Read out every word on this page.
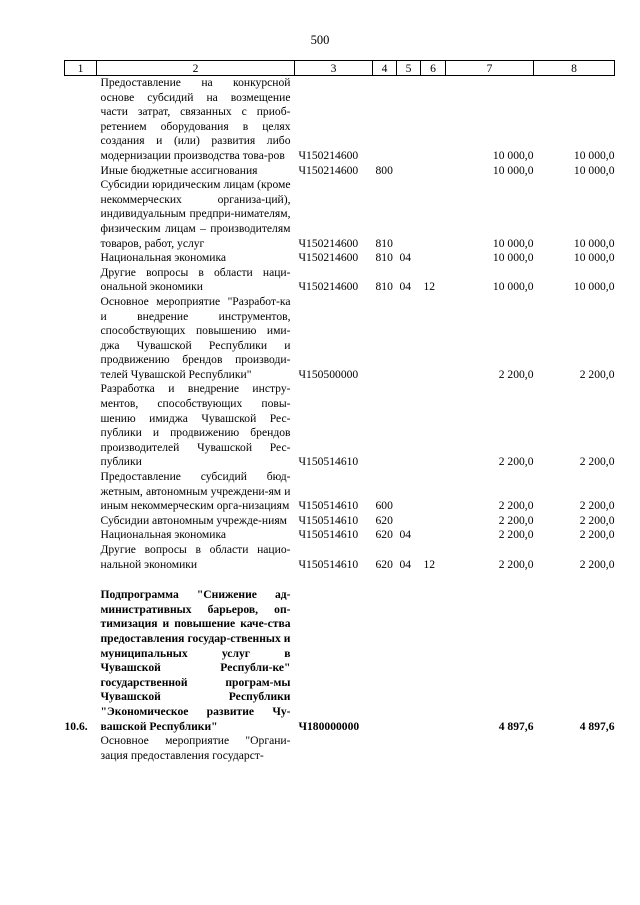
500
1	2	3	4	5	6	7	8
	Предоставление на конкурсной основе субсидий на возмещение части затрат, связанных с приоб-ретением оборудования в целях создания и (или) развития либо модернизации производства това-ров	Ч150214600				10 000,0	10 000,0
	Иные бюджетные ассигнования	Ч150214600	800			10 000,0	10 000,0
	Субсидии юридическим лицам (кроме некоммерческих организа-ций), индивидуальным предпри-нимателям, физическим лицам – производителям товаров, работ, услуг	Ч150214600	810			10 000,0	10 000,0
	Национальная экономика	Ч150214600	810	04		10 000,0	10 000,0
	Другие вопросы в области наци-ональной экономики	Ч150214600	810	04	12	10 000,0	10 000,0
	Основное мероприятие "Разработ-ка и внедрение инструментов, способствующих повышению ими-джа Чувашской Республики и продвижению брендов производи-телей Чувашской Республики"	Ч150500000				2 200,0	2 200,0
	Разработка и внедрение инстру-ментов, способствующих повы-шению имиджа Чувашской Рес-публики и продвижению брендов производителей Чувашской Рес-публики	Ч150514610				2 200,0	2 200,0
	Предоставление субсидий бюд-жетным, автономным учреждени-ям и иным некоммерческим орга-низациям	Ч150514610	600			2 200,0	2 200,0
	Субсидии автономным учрежде-ниям	Ч150514610	620			2 200,0	2 200,0
	Национальная экономика	Ч150514610	620	04		2 200,0	2 200,0
	Другие вопросы в области нацио-нальной экономики	Ч150514610	620	04	12	2 200,0	2 200,0

10.6.	Подпрограмма "Снижение ад-министративных барьеров, оп-тимизация и повышение каче-ства предоставления государ-ственных и муниципальных услуг в Чувашской Республи-ке" государственной програм-мы Чувашской Республики "Экономическое развитие Чу-вашской Республики"	Ч180000000				4 897,6	4 897,6
	Основное мероприятие "Органи-зация предоставления государст-						
